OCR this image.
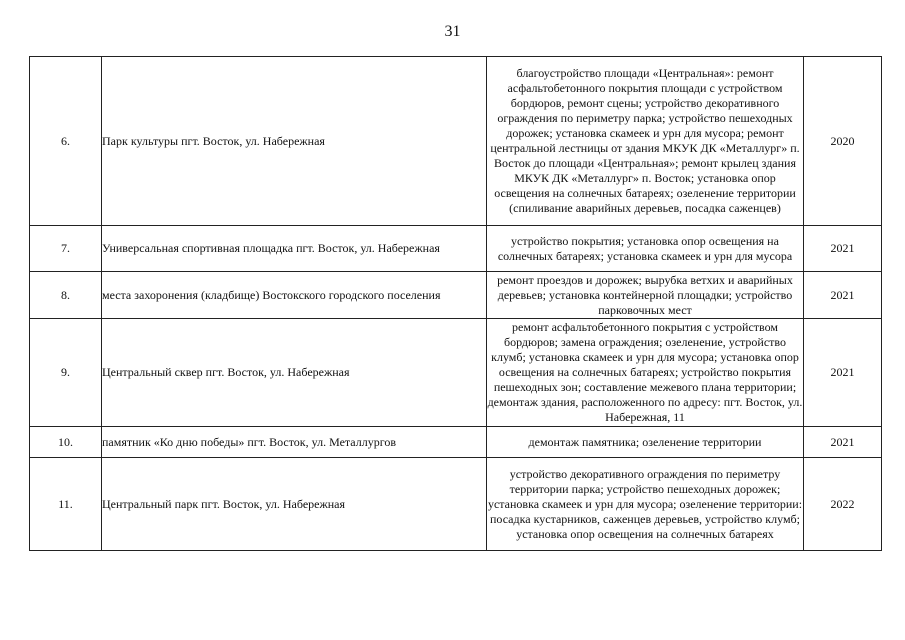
31
6.	Парк культуры пгт. Восток, ул. Набережная	благоустройство площади «Центральная»: ремонт асфальтобетонного покрытия площади с устройством бордюров, ремонт сцены; устройство декоративного ограждения по периметру парка; устройство пешеходных дорожек; установка скамеек и урн для мусора; ремонт центральной лестницы от здания МКУК ДК «Металлург» п. Восток до площади «Центральная»; ремонт крылец здания МКУК ДК «Металлург» п. Восток; установка опор освещения на солнечных батареях; озеленение территории (спиливание аварийных деревьев, посадка саженцев)	2020
7.	Универсальная спортивная площадка пгт. Восток, ул. Набережная	устройство покрытия; установка опор освещения на солнечных батареях; установка скамеек и урн для мусора	2021
8.	места захоронения (кладбище) Востокского городского поселения	ремонт проездов и дорожек; вырубка ветхих и аварийных деревьев; установка контейнерной площадки; устройство парковочных мест	2021
9.	Центральный сквер пгт. Восток, ул. Набережная	ремонт асфальтобетонного покрытия с устройством бордюров; замена ограждения; озеленение, устройство клумб; установка скамеек и урн для мусора; установка опор освещения на солнечных батареях; устройство покрытия пешеходных зон; составление межевого плана территории; демонтаж здания, расположенного по адресу: пгт. Восток, ул. Набережная, 11	2021
10.	памятник «Ко дню победы» пгт. Восток, ул. Металлургов	демонтаж памятника; озеленение территории	2021
11.	Центральный парк пгт. Восток, ул. Набережная	устройство декоративного ограждения по периметру территории парка; устройство пешеходных дорожек; установка скамеек и урн для мусора; озеленение территории: посадка кустарников, саженцев деревьев, устройство клумб; установка опор освещения на солнечных батареях	2022
